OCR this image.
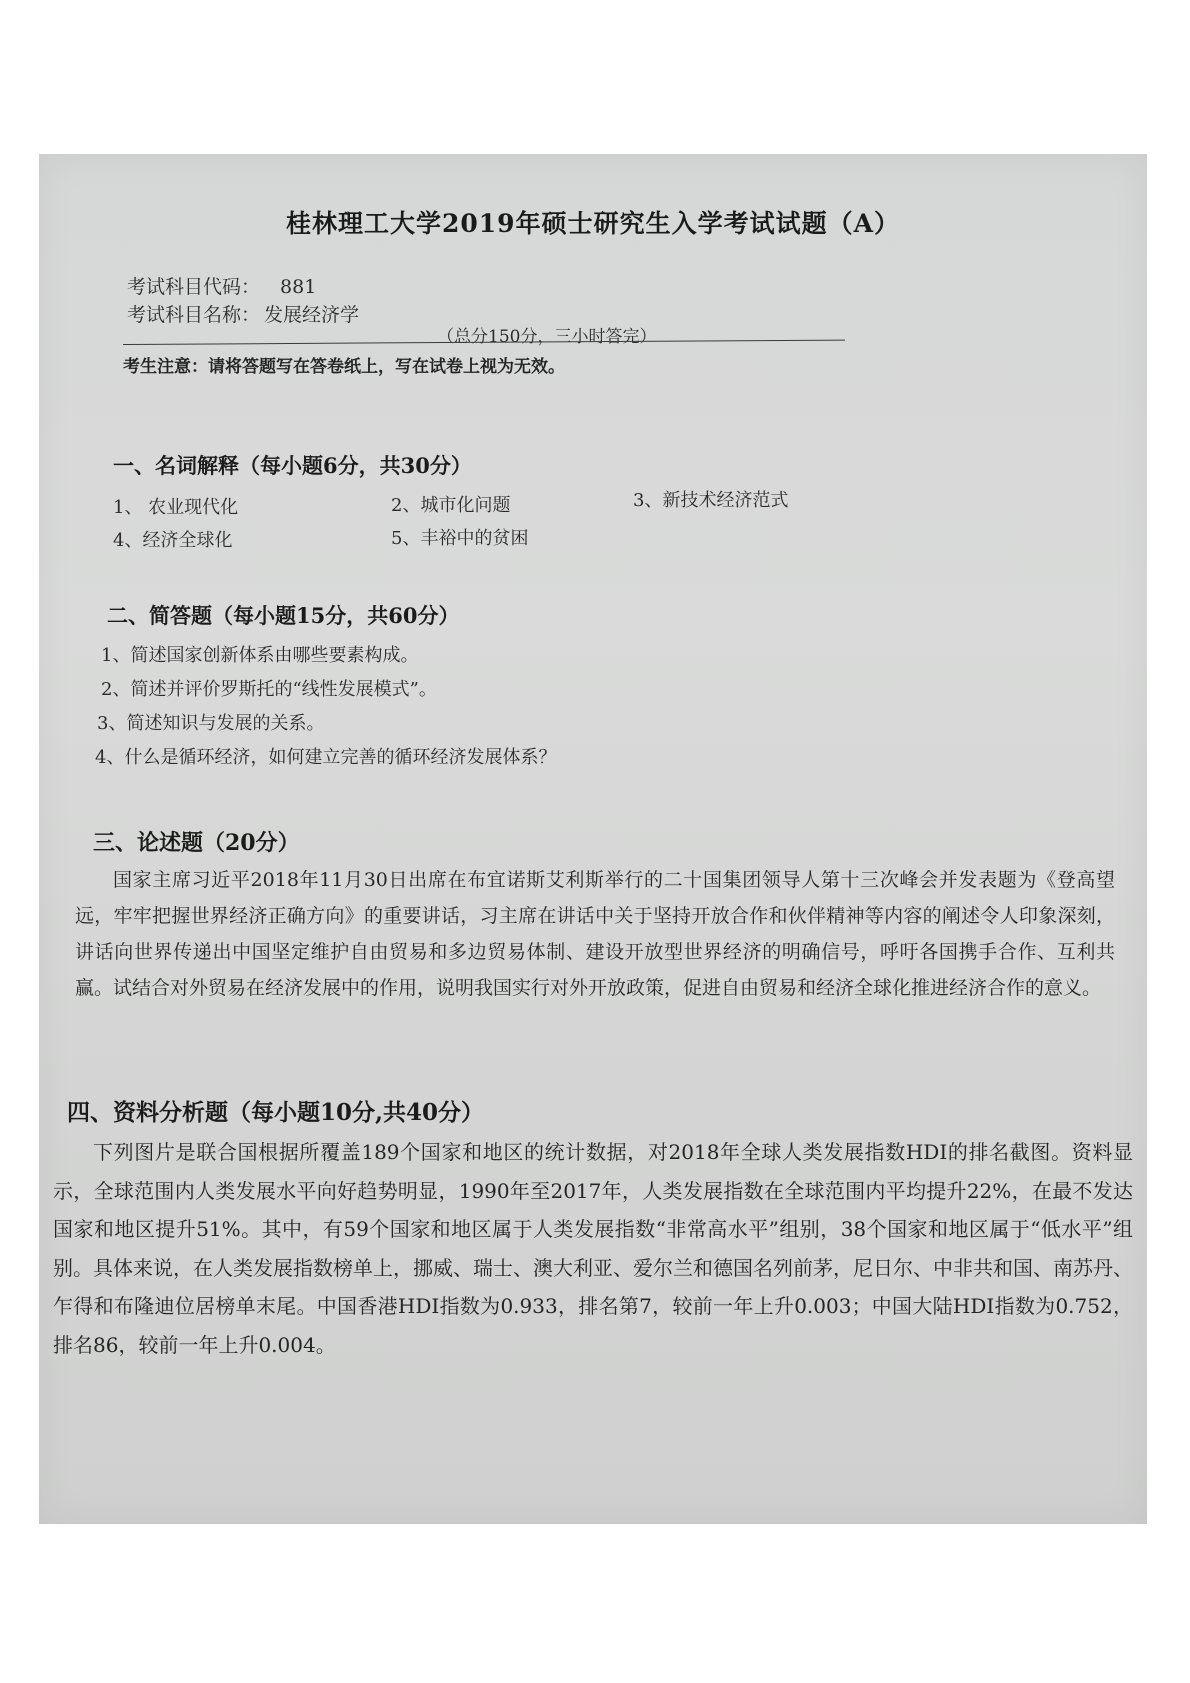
桂林理工大学2019年硕士研究生入学考试试题（A）
考试科目代码： 881
考试科目名称： 发展经济学
（总分150分，三小时答完）
考生注意：请将答题写在答卷纸上，写在试卷上视为无效。
一、名词解释（每小题6分，共30分）
1、 农业现代化	2、城市化问题	3、新技术经济范式
4、经济全球化	5、丰裕中的贫困
二、简答题（每小题15分，共60分）
1、简述国家创新体系由哪些要素构成。
2、简述并评价罗斯托的“线性发展模式”。
3、简述知识与发展的关系。
4、什么是循环经济，如何建立完善的循环经济发展体系？
三、论述题（20分）
国家主席习近平2018年11月30日出席在布宜诺斯艾利斯举行的二十国集团领导人第十三次峰会并发表题为《登高望远，牢牢把握世界经济正确方向》的重要讲话，习主席在讲话中关于坚持开放合作和伙伴精神等内容的阐述令人印象深刻，讲话向世界传递出中国坚定维护自由贸易和多边贸易体制、建设开放型世界经济的明确信号，呼吁各国携手合作、互利共赢。试结合对外贸易在经济发展中的作用，说明我国实行对外开放政策，促进自由贸易和经济全球化推进经济合作的意义。
四、资料分析题（每小题10分,共40分）
下列图片是联合国根据所覆盖189个国家和地区的统计数据，对2018年全球人类发展指数HDI的排名截图。资料显示，全球范围内人类发展水平向好趋势明显，1990年至2017年，人类发展指数在全球范围内平均提升22%，在最不发达国家和地区提升51%。其中，有59个国家和地区属于人类发展指数“非常高水平”组别，38个国家和地区属于“低水平”组别。具体来说，在人类发展指数榜单上，挪威、瑞士、澳大利亚、爱尔兰和德国名列前茅，尼日尔、中非共和国、南苏丹、乍得和布隆迪位居榜单末尾。中国香港HDI指数为0.933，排名第7，较前一年上升0.003；中国大陆HDI指数为0.752，排名86，较前一年上升0.004。
